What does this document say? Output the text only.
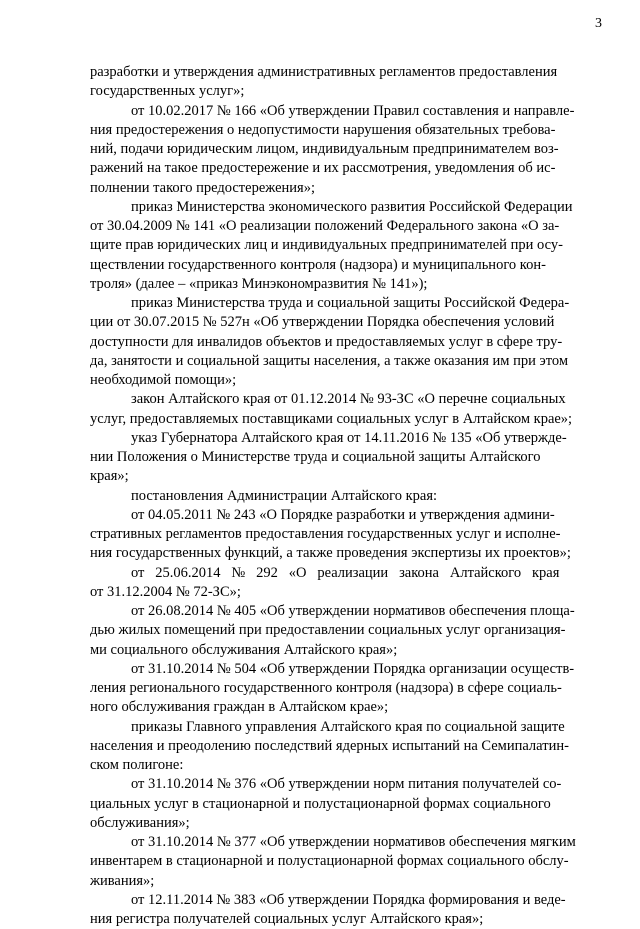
3
разработки и утверждения административных регламентов предоставления
государственных услуг»;
от 10.02.2017 № 166 «Об утверждении Правил составления и направле-
ния предостережения о недопустимости нарушения обязательных требова-
ний, подачи юридическим лицом, индивидуальным предпринимателем воз-
ражений на такое предостережение и их рассмотрения, уведомления об ис-
полнении такого предостережения»;
приказ Министерства экономического развития Российской Федерации
от 30.04.2009 № 141 «О реализации положений Федерального закона «О за-
щите прав юридических лиц и индивидуальных предпринимателей при осу-
ществлении государственного контроля (надзора) и муниципального кон-
троля» (далее – «приказ Минэкономразвития № 141»);
приказ Министерства труда и социальной защиты Российской Федера-
ции от 30.07.2015 № 527н «Об утверждении Порядка обеспечения условий
доступности для инвалидов объектов и предоставляемых услуг в сфере тру-
да, занятости и социальной защиты населения, а также оказания им при этом
необходимой помощи»;
закон Алтайского края от 01.12.2014 № 93-ЗС «О перечне социальных
услуг, предоставляемых поставщиками социальных услуг в Алтайском крае»;
указ Губернатора Алтайского края от 14.11.2016 № 135 «Об утвержде-
нии Положения о Министерстве труда и социальной защиты Алтайского
края»;
постановления Администрации Алтайского края:
от 04.05.2011 № 243 «О Порядке разработки и утверждения админи-
стративных регламентов предоставления государственных услуг и исполне-
ния государственных функций, а также проведения экспертизы их проектов»;
от   25.06.2014   №   292   «О   реализации   закона   Алтайского   края
от 31.12.2004 № 72-ЗС»;
от 26.08.2014 № 405 «Об утверждении нормативов обеспечения площа-
дью жилых помещений при предоставлении социальных услуг организация-
ми социального обслуживания Алтайского края»;
от 31.10.2014 № 504 «Об утверждении Порядка организации осуществ-
ления регионального государственного контроля (надзора) в сфере социаль-
ного обслуживания граждан в Алтайском крае»;
приказы Главного управления Алтайского края по социальной защите
населения и преодолению последствий ядерных испытаний на Семипалатин-
ском полигоне:
от 31.10.2014 № 376 «Об утверждении норм питания получателей со-
циальных услуг в стационарной и полустационарной формах социального
обслуживания»;
от 31.10.2014 № 377 «Об утверждении нормативов обеспечения мягким
инвентарем в стационарной и полустационарной формах социального обслу-
живания»;
от 12.11.2014 № 383 «Об утверждении Порядка формирования и веде-
ния регистра получателей социальных услуг Алтайского края»;
